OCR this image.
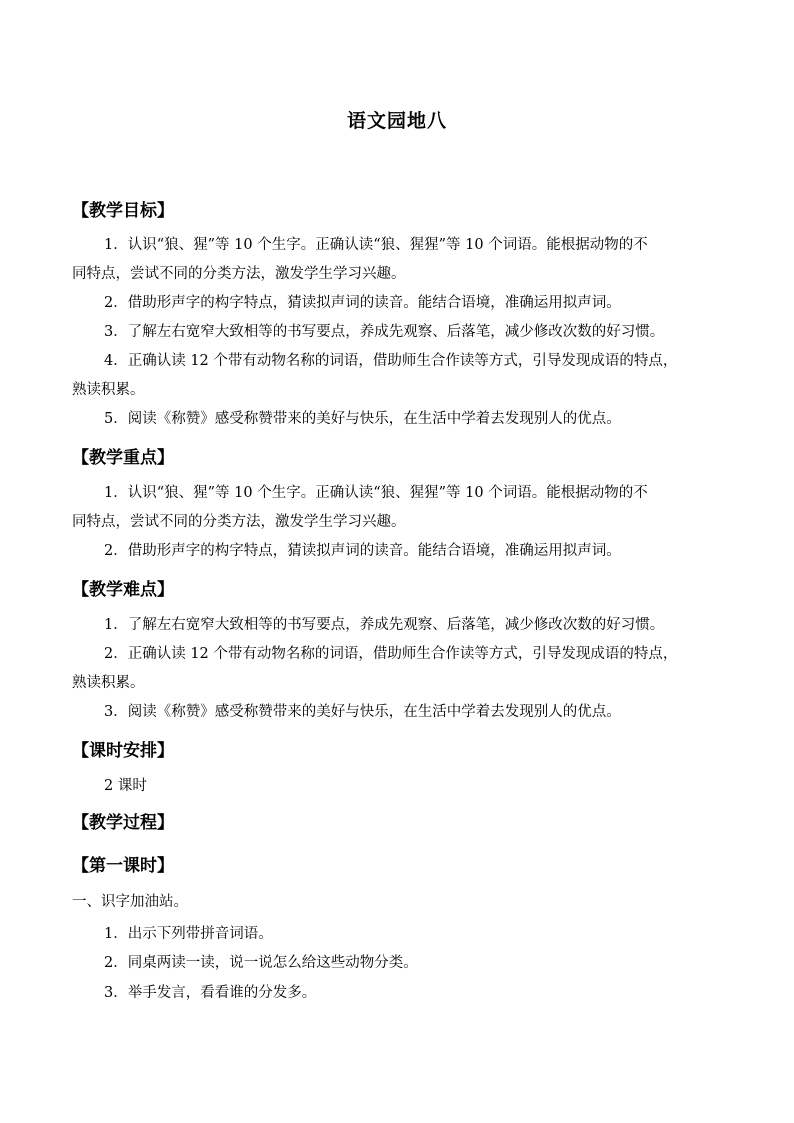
语文园地八
【教学目标】
1．认识“狼、猩”等 10 个生字。正确认读“狼、猩猩”等 10 个词语。能根据动物的不
同特点，尝试不同的分类方法，激发学生学习兴趣。
2．借助形声字的构字特点，猜读拟声词的读音。能结合语境，准确运用拟声词。
3．了解左右宽窄大致相等的书写要点，养成先观察、后落笔，减少修改次数的好习惯。
4．正确认读 12 个带有动物名称的词语，借助师生合作读等方式，引导发现成语的特点，
熟读积累。
5．阅读《称赞》感受称赞带来的美好与快乐，在生活中学着去发现别人的优点。
【教学重点】
1．认识“狼、猩”等 10 个生字。正确认读“狼、猩猩”等 10 个词语。能根据动物的不
同特点，尝试不同的分类方法，激发学生学习兴趣。
2．借助形声字的构字特点，猜读拟声词的读音。能结合语境，准确运用拟声词。
【教学难点】
1．了解左右宽窄大致相等的书写要点，养成先观察、后落笔，减少修改次数的好习惯。
2．正确认读 12 个带有动物名称的词语，借助师生合作读等方式，引导发现成语的特点，
熟读积累。
3．阅读《称赞》感受称赞带来的美好与快乐，在生活中学着去发现别人的优点。
【课时安排】
2 课时
【教学过程】
【第一课时】
一、识字加油站。
1．出示下列带拼音词语。
2．同桌两读一读，说一说怎么给这些动物分类。
3．举手发言，看看谁的分发多。
